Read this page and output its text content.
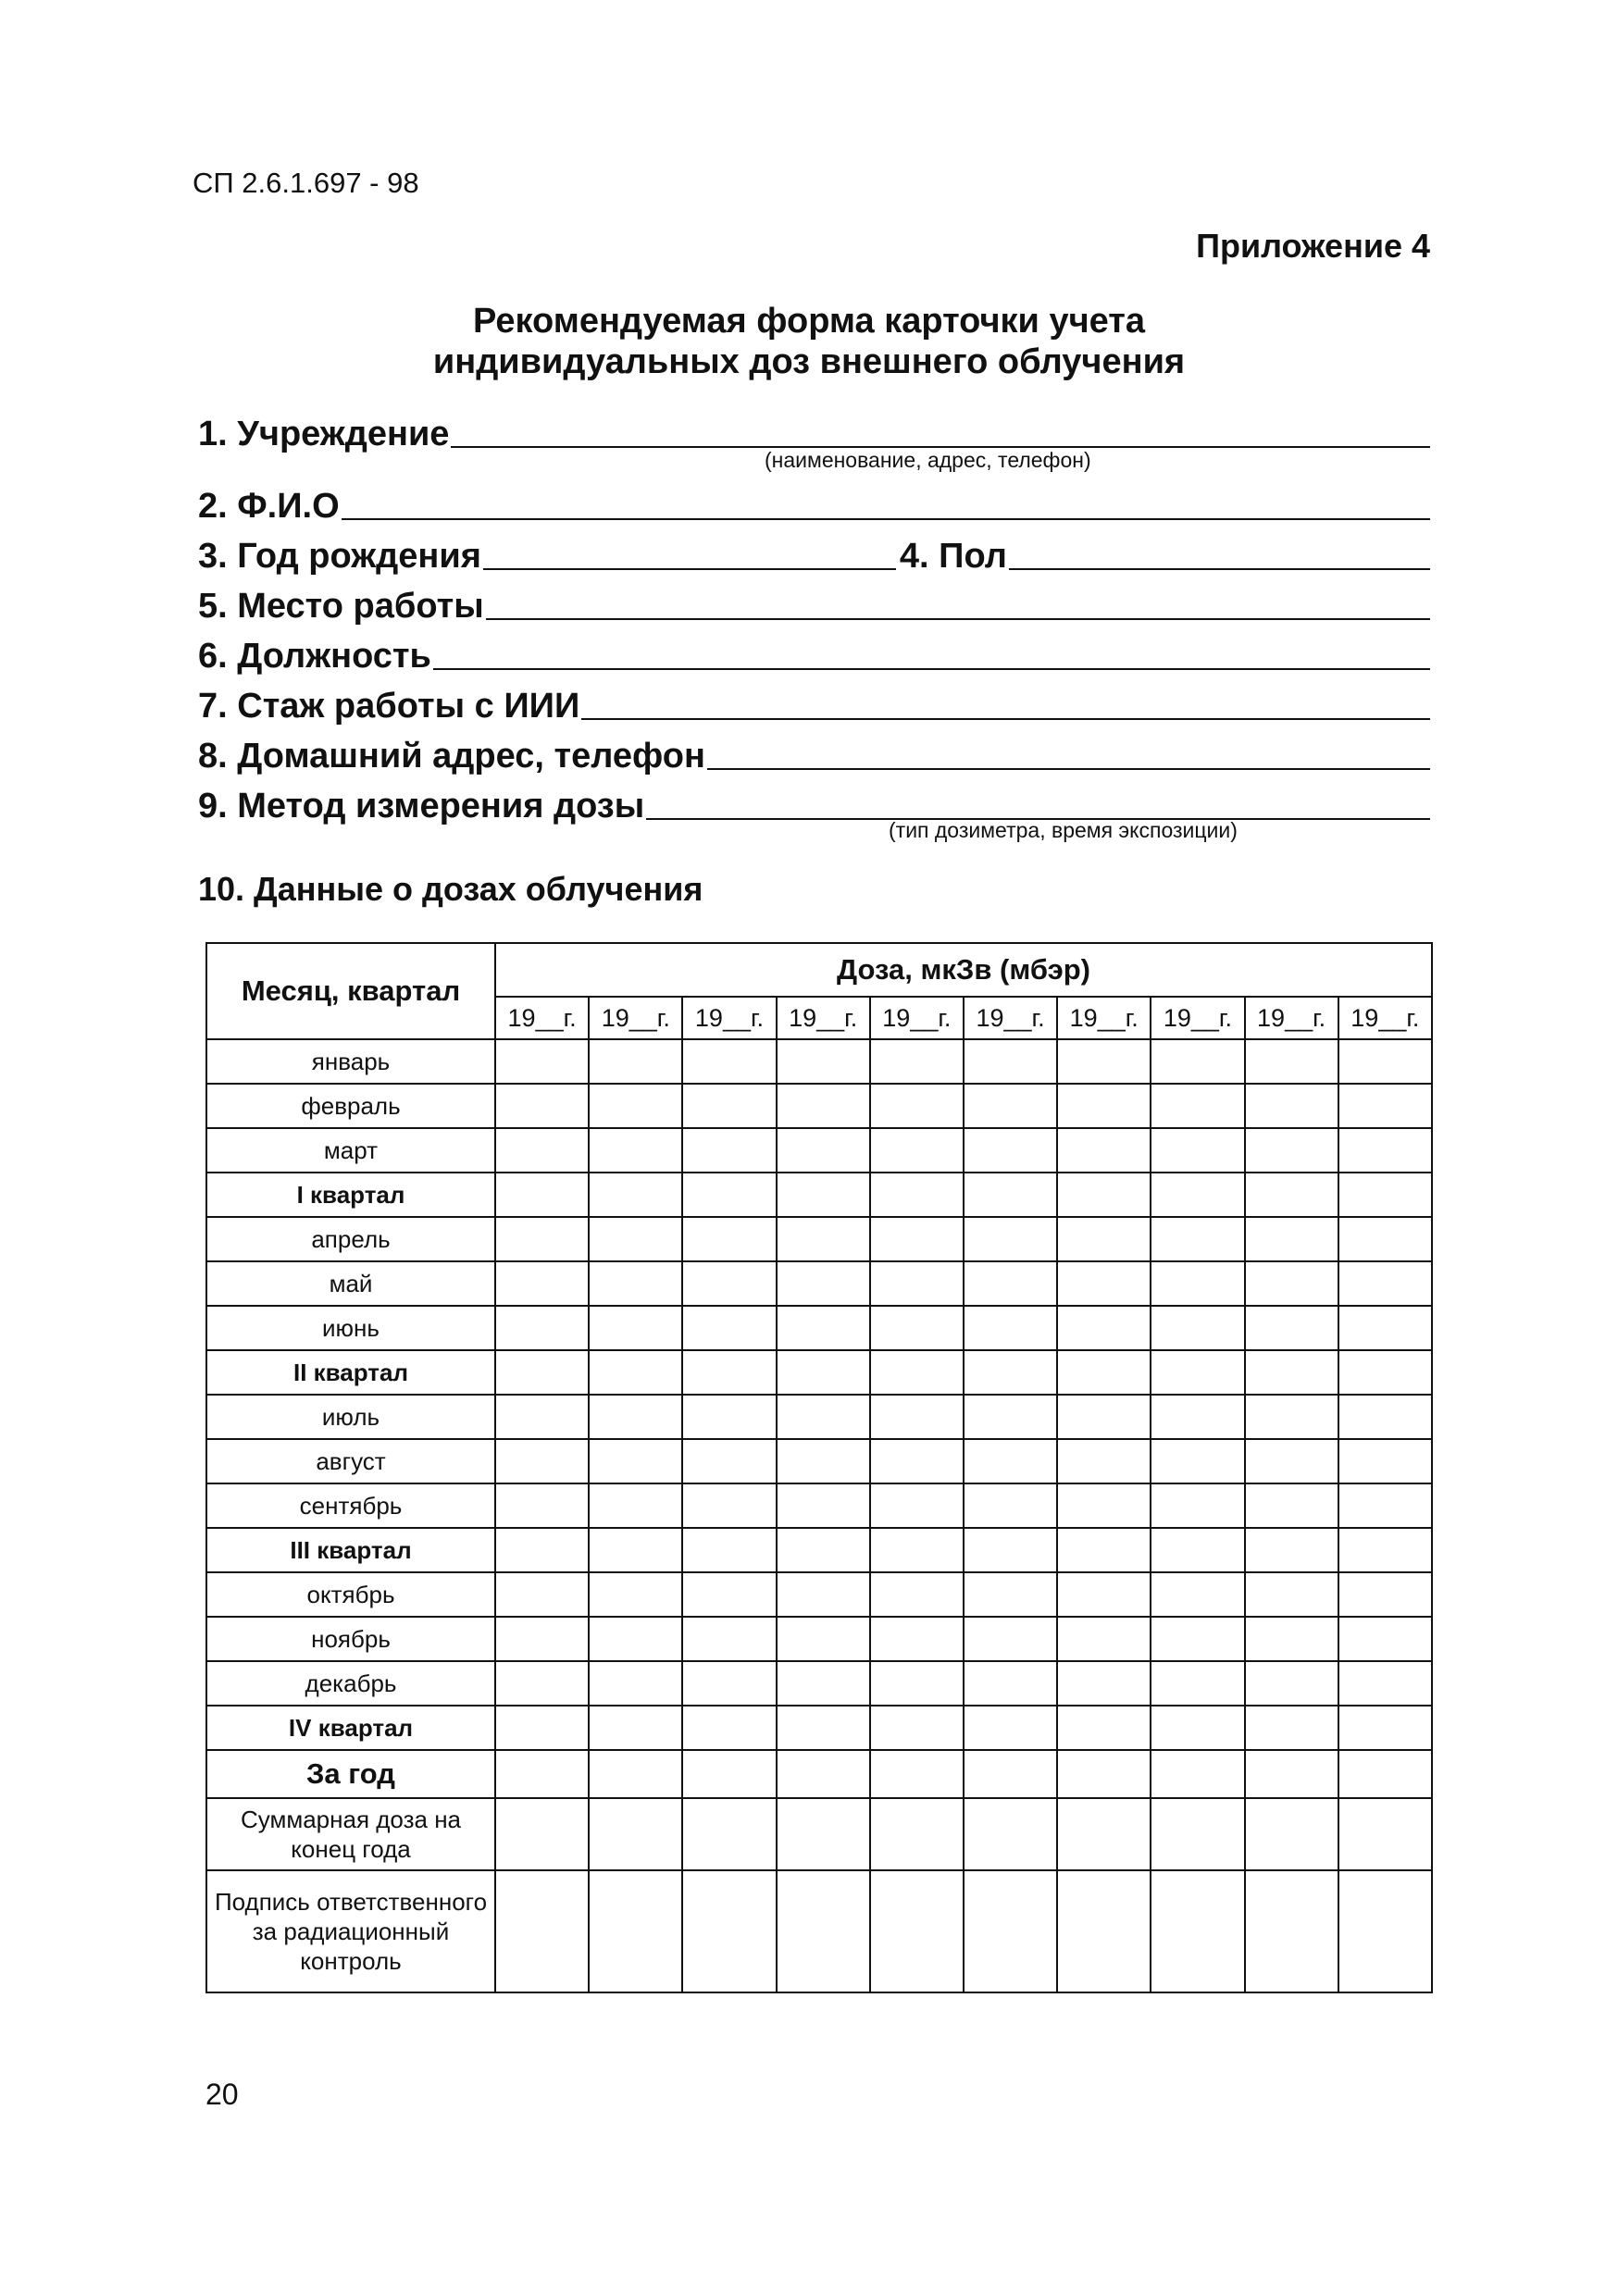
СП 2.6.1.697 - 98
Приложение 4
Рекомендуемая форма карточки учета
индивидуальных доз внешнего облучения
1. Учреждение
(наименование, адрес, телефон)
2. Ф.И.О
3. Год рождения	4. Пол
5. Место работы
6. Должность
7. Стаж работы с ИИИ
8. Домашний адрес, телефон
9. Метод измерения дозы
(тип дозиметра, время экспозиции)
10. Данные о дозах облучения
Месяц, квартал	Доза, мкЗв (мбэр)									
	19__г.	19__г.	19__г.	19__г.	19__г.	19__г.	19__г.	19__г.	19__г.	19__г.
январь										
февраль										
март										
I квартал										
апрель										
май										
июнь										
II квартал										
июль										
август										
сентябрь										
III квартал										
октябрь										
ноябрь										
декабрь										
IV квартал										
За год										
Суммарная доза на конец года										
Подпись ответственного за радиационный контроль										
20
